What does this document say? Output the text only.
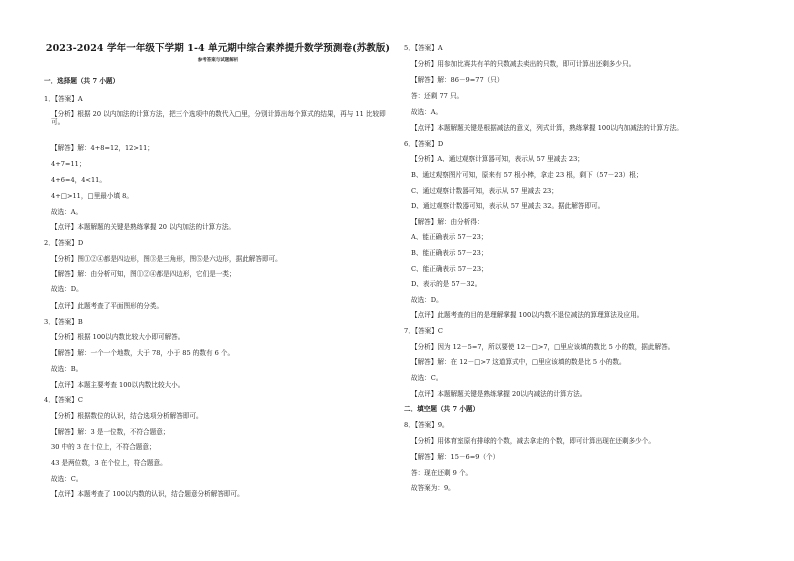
2023-2024 学年一年级下学期 1-4 单元期中综合素养提升数学预测卷(苏教版)
参考答案与试题解析
一．选择题（共 7 小题）
1．【答案】A
【分析】根据 20 以内加法的计算方法，把三个选项中的数代入□里，分别计算出每个算式的结果，再与 11 比较即可。
【解答】解：4+8=12，12>11；
4+7=11；
4+6=4，4<11。
4+□>11，□里最小填 8。
故选：A。
【点评】本题解题的关键是熟练掌握 20 以内加法的计算方法。
2．【答案】D
【分析】图①②④都是四边形，图③是三角形，图⑤是六边形，据此解答即可。
【解答】解：由分析可知，图①②④都是四边形，它们是一类；
故选：D。
【点评】此题考查了平面图形的分类。
3．【答案】B
【分析】根据 100以内数比较大小即可解答。
【解答】解：一个一个地数，大于 78，小于 85 的数有 6 个。
故选：B。
【点评】本题主要考查 100以内数比较大小。
4．【答案】C
【分析】根据数位的认识，结合选项分析解答即可。
【解答】解：3 是一位数，不符合题意；
30 中的 3 在十位上，不符合题意；
43 是两位数，3 在个位上，符合题意。
故选：C。
【点评】本题考查了 100以内数的认识，结合题意分析解答即可。
5．【答案】A
【分析】用参加比赛共有羊的只数减去卖出的只数，即可计算出还剩多少只。
【解答】解：86－9=77（只）
答：还剩 77 只。
故选：A。
【点评】本题解题关键是根据减法的意义，列式计算，熟练掌握 100以内加减法的计算方法。
6．【答案】D
【分析】A、通过观察计算器可知，表示从 57 里减去 23；
B、通过观察图片可知，原来有 57 根小棒，拿走 23 根，剩下（57－23）根；
C、通过观察计数器可知，表示从 57 里减去 23；
D、通过观察计数器可知，表示从 57 里减去 32。据此解答即可。
【解答】解：由分析得：
A、能正确表示 57－23；
B、能正确表示 57－23；
C、能正确表示 57－23；
D、表示的是 57－32。
故选：D。
【点评】此题考查的目的是理解掌握 100以内数不退位减法的算理算法及应用。
7．【答案】C
【分析】因为 12－5=7，所以要使 12－□>7，□里应该填的数比 5 小的数，据此解答。
【解答】解：在 12－□>7 这道算式中，□里应该填的数是比 5 小的数。
故选：C。
【点评】本题解题关键是熟练掌握 20以内减法的计算方法。
二．填空题（共 7 小题）
8．【答案】9。
【分析】用体育室原有排球的个数，减去拿走的个数，即可计算出现在还剩多少个。
【解答】解：15－6=9（个）
答：现在还剩 9 个。
故答案为：9。
